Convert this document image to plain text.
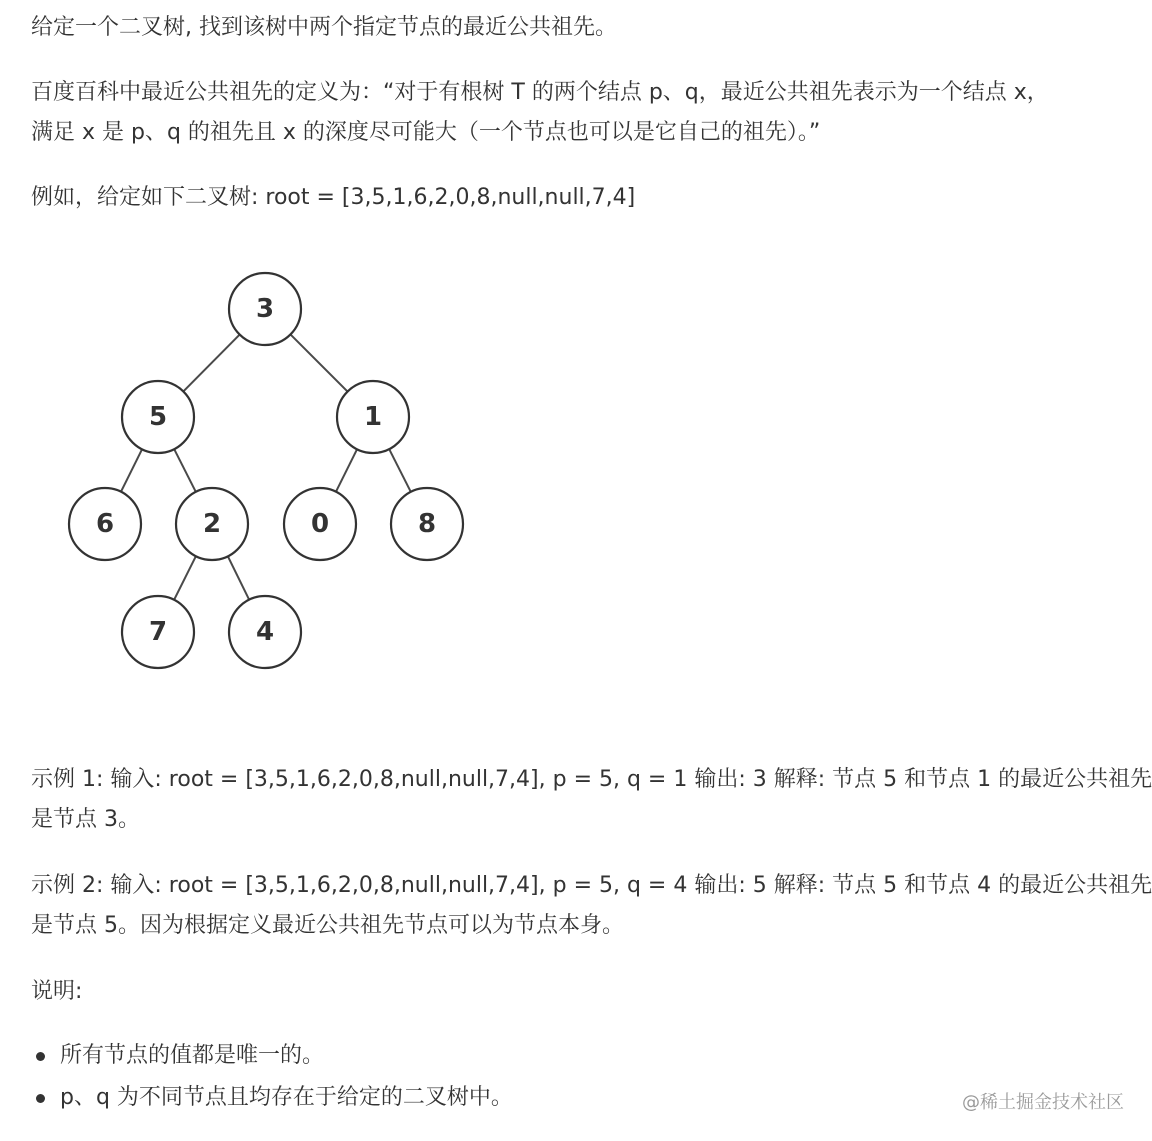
给定一个二叉树, 找到该树中两个指定节点的最近公共祖先。
百度百科中最近公共祖先的定义为：“对于有根树 T 的两个结点 p、q，最近公共祖先表示为一个结点 x，
满足 x 是 p、q 的祖先且 x 的深度尽可能大（一个节点也可以是它自己的祖先）。”
例如，给定如下二叉树: root = [3,5,1,6,2,0,8,null,null,7,4]
3
5	1
6	2	0	8
7	4
示例 1: 输入: root = [3,5,1,6,2,0,8,null,null,7,4], p = 5, q = 1 输出: 3 解释: 节点 5 和节点 1 的最近公共祖先
是节点 3。
示例 2: 输入: root = [3,5,1,6,2,0,8,null,null,7,4], p = 5, q = 4 输出: 5 解释: 节点 5 和节点 4 的最近公共祖先
是节点 5。因为根据定义最近公共祖先节点可以为节点本身。
说明:
所有节点的值都是唯一的。
p、q 为不同节点且均存在于给定的二叉树中。	@稀土掘金技术社区
